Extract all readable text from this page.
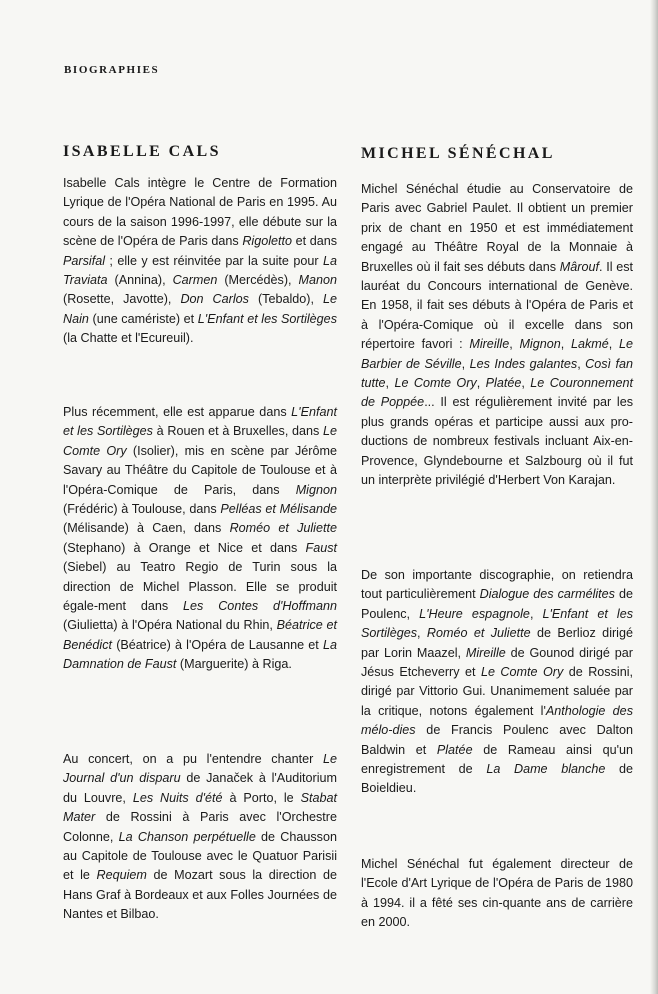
BIOGRAPHIES
ISABELLE CALS
Isabelle Cals intègre le Centre de Formation Lyrique de l'Opéra National de Paris en 1995. Au cours de la saison 1996-1997, elle débute sur la scène de l'Opéra de Paris dans Rigoletto et dans Parsifal ; elle y est réinvitée par la suite pour La Traviata (Annina), Carmen (Mercédès), Manon (Rosette, Javotte), Don Carlos (Tebaldo), Le Nain (une camériste) et L'Enfant et les Sortilèges (la Chatte et l'Ecureuil).
Plus récemment, elle est apparue dans L'Enfant et les Sortilèges à Rouen et à Bruxelles, dans Le Comte Ory (Isolier), mis en scène par Jérôme Savary au Théâtre du Capitole de Toulouse et à l'Opéra-Comique de Paris, dans Mignon (Frédéric) à Toulouse, dans Pelléas et Mélisande (Mélisande) à Caen, dans Roméo et Juliette (Stephano) à Orange et Nice et dans Faust (Siebel) au Teatro Regio de Turin sous la direction de Michel Plasson. Elle se produit égale-ment dans Les Contes d'Hoffmann (Giulietta) à l'Opéra National du Rhin, Béatrice et Benédict (Béatrice) à l'Opéra de Lausanne et La Damnation de Faust (Marguerite) à Riga.
Au concert, on a pu l'entendre chanter Le Journal d'un disparu de Janaček à l'Auditorium du Louvre, Les Nuits d'été à Porto, le Stabat Mater de Rossini à Paris avec l'Orchestre Colonne, La Chanson perpétuelle de Chausson au Capitole de Toulouse avec le Quatuor Parisii et le Requiem de Mozart sous la direction de Hans Graf à Bordeaux et aux Folles Journées de Nantes et Bilbao.
MICHEL SÉNÉCHAL
Michel Sénéchal étudie au Conservatoire de Paris avec Gabriel Paulet. Il obtient un premier prix de chant en 1950 et est immédiatement engagé au Théâtre Royal de la Monnaie à Bruxelles où il fait ses débuts dans Mârouf. Il est lauréat du Concours international de Genève. En 1958, il fait ses débuts à l'Opéra de Paris et à l'Opéra-Comique où il excelle dans son répertoire favori : Mireille, Mignon, Lakmé, Le Barbier de Séville, Les Indes galantes, Così fan tutte, Le Comte Ory, Platée, Le Couronnement de Poppée... Il est régulièrement invité par les plus grands opéras et participe aussi aux pro-ductions de nombreux festivals incluant Aix-en-Provence, Glyndebourne et Salzbourg où il fut un interprète privilégié d'Herbert Von Karajan.
De son importante discographie, on retiendra tout particulièrement Dialogue des carmélites de Poulenc, L'Heure espagnole, L'Enfant et les Sortilèges, Roméo et Juliette de Berlioz dirigé par Lorin Maazel, Mireille de Gounod dirigé par Jésus Etcheverry et Le Comte Ory de Rossini, dirigé par Vittorio Gui. Unanimement saluée par la critique, notons également l'Anthologie des mélo-dies de Francis Poulenc avec Dalton Baldwin et Platée de Rameau ainsi qu'un enregistrement de La Dame blanche de Boieldieu.
Michel Sénéchal fut également directeur de l'Ecole d'Art Lyrique de l'Opéra de Paris de 1980 à 1994. il a fêté ses cin-quante ans de carrière en 2000.
